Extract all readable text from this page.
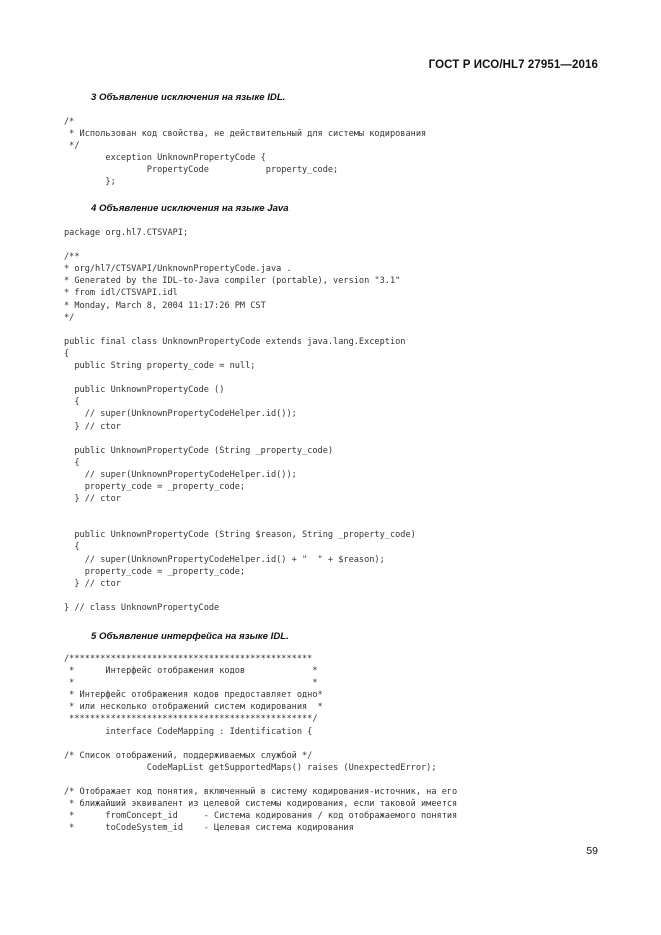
ГОСТ Р ИСО/HL7 27951—2016
3 Объявление исключения на языке IDL.
/*
* Использован код свойства, не действительный для системы кодирования
*/
exception UnknownPropertyCode {
PropertyCode           property_code;
};
4 Объявление исключения на языке Java
package org.hl7.CTSVAPI;
/**
* org/hl7/CTSVAPI/UnknownPropertyCode.java .
* Generated by the IDL-to-Java compiler (portable), version "3.1"
* from idl/CTSVAPI.idl
* Monday, March 8, 2004 11:17:26 PM CST
*/
public final class UnknownPropertyCode extends java.lang.Exception
{
public String property_code = null;
public UnknownPropertyCode ()
{
// super(UnknownPropertyCodeHelper.id());
} // ctor
public UnknownPropertyCode (String _property_code)
{
// super(UnknownPropertyCodeHelper.id());
property_code = _property_code;
} // ctor
public UnknownPropertyCode (String $reason, String _property_code)
{
// super(UnknownPropertyCodeHelper.id() + "  " + $reason);
property_code = _property_code;
} // ctor
} // class UnknownPropertyCode
5 Объявление интерфейса на языке IDL.
/***********************************************
*      Интерфейс отображения кодов             *
*                                              *
* Интерфейс отображения кодов предоставляет одно*
* или несколько отображений систем кодирования  *
***********************************************/
interface CodeMapping : Identification {
/* Список отображений, поддерживаемых службой */
CodeMapList getSupportedMaps() raises (UnexpectedError);
/* Отображает код понятия, включенный в систему кодирования-источник, на его
* ближайший эквивалент из целевой системы кодирования, если таковой имеется
*      fromConcept_id     - Система кодирования / код отображаемого понятия
*      toCodeSystem_id    - Целевая система кодирования
59
